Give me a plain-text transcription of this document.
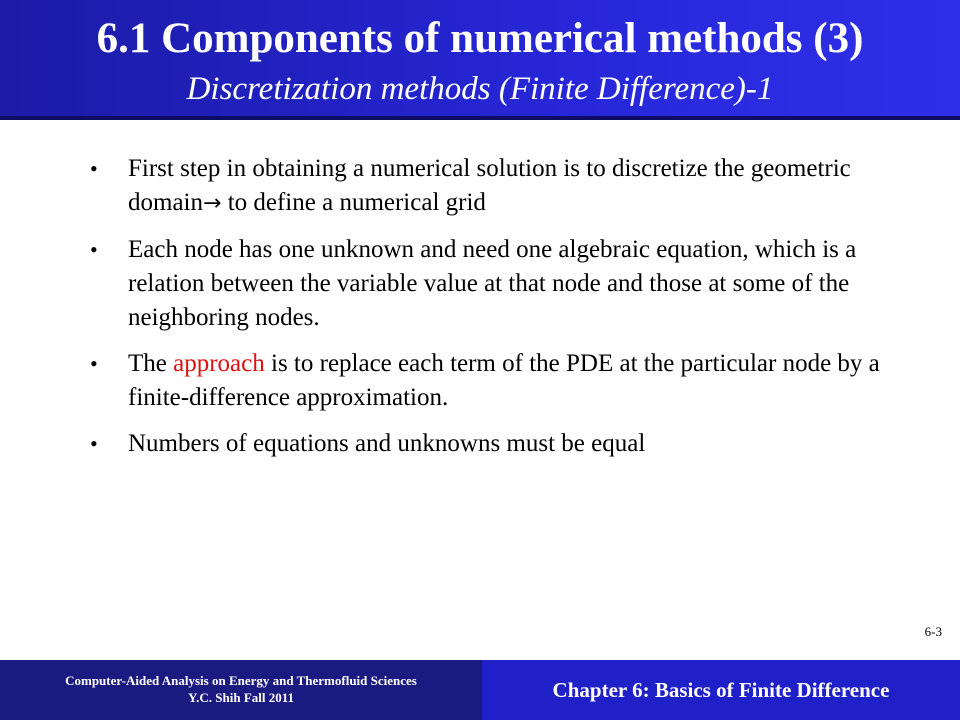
6.1 Components of numerical methods (3)
Discretization methods (Finite Difference)-1
• First step in obtaining a numerical solution is to discretize the geometric domain→ to define a numerical grid
• Each node has one unknown and need one algebraic equation, which is a relation between the variable value at that node and those at some of the neighboring nodes.
• The approach is to replace each term of the PDE at the particular node by a finite-difference approximation.
• Numbers of equations and unknowns must be equal
6-3
Computer-Aided Analysis on Energy and Thermofluid Sciences
Y.C. Shih Fall 2011	Chapter 6: Basics of Finite Difference
